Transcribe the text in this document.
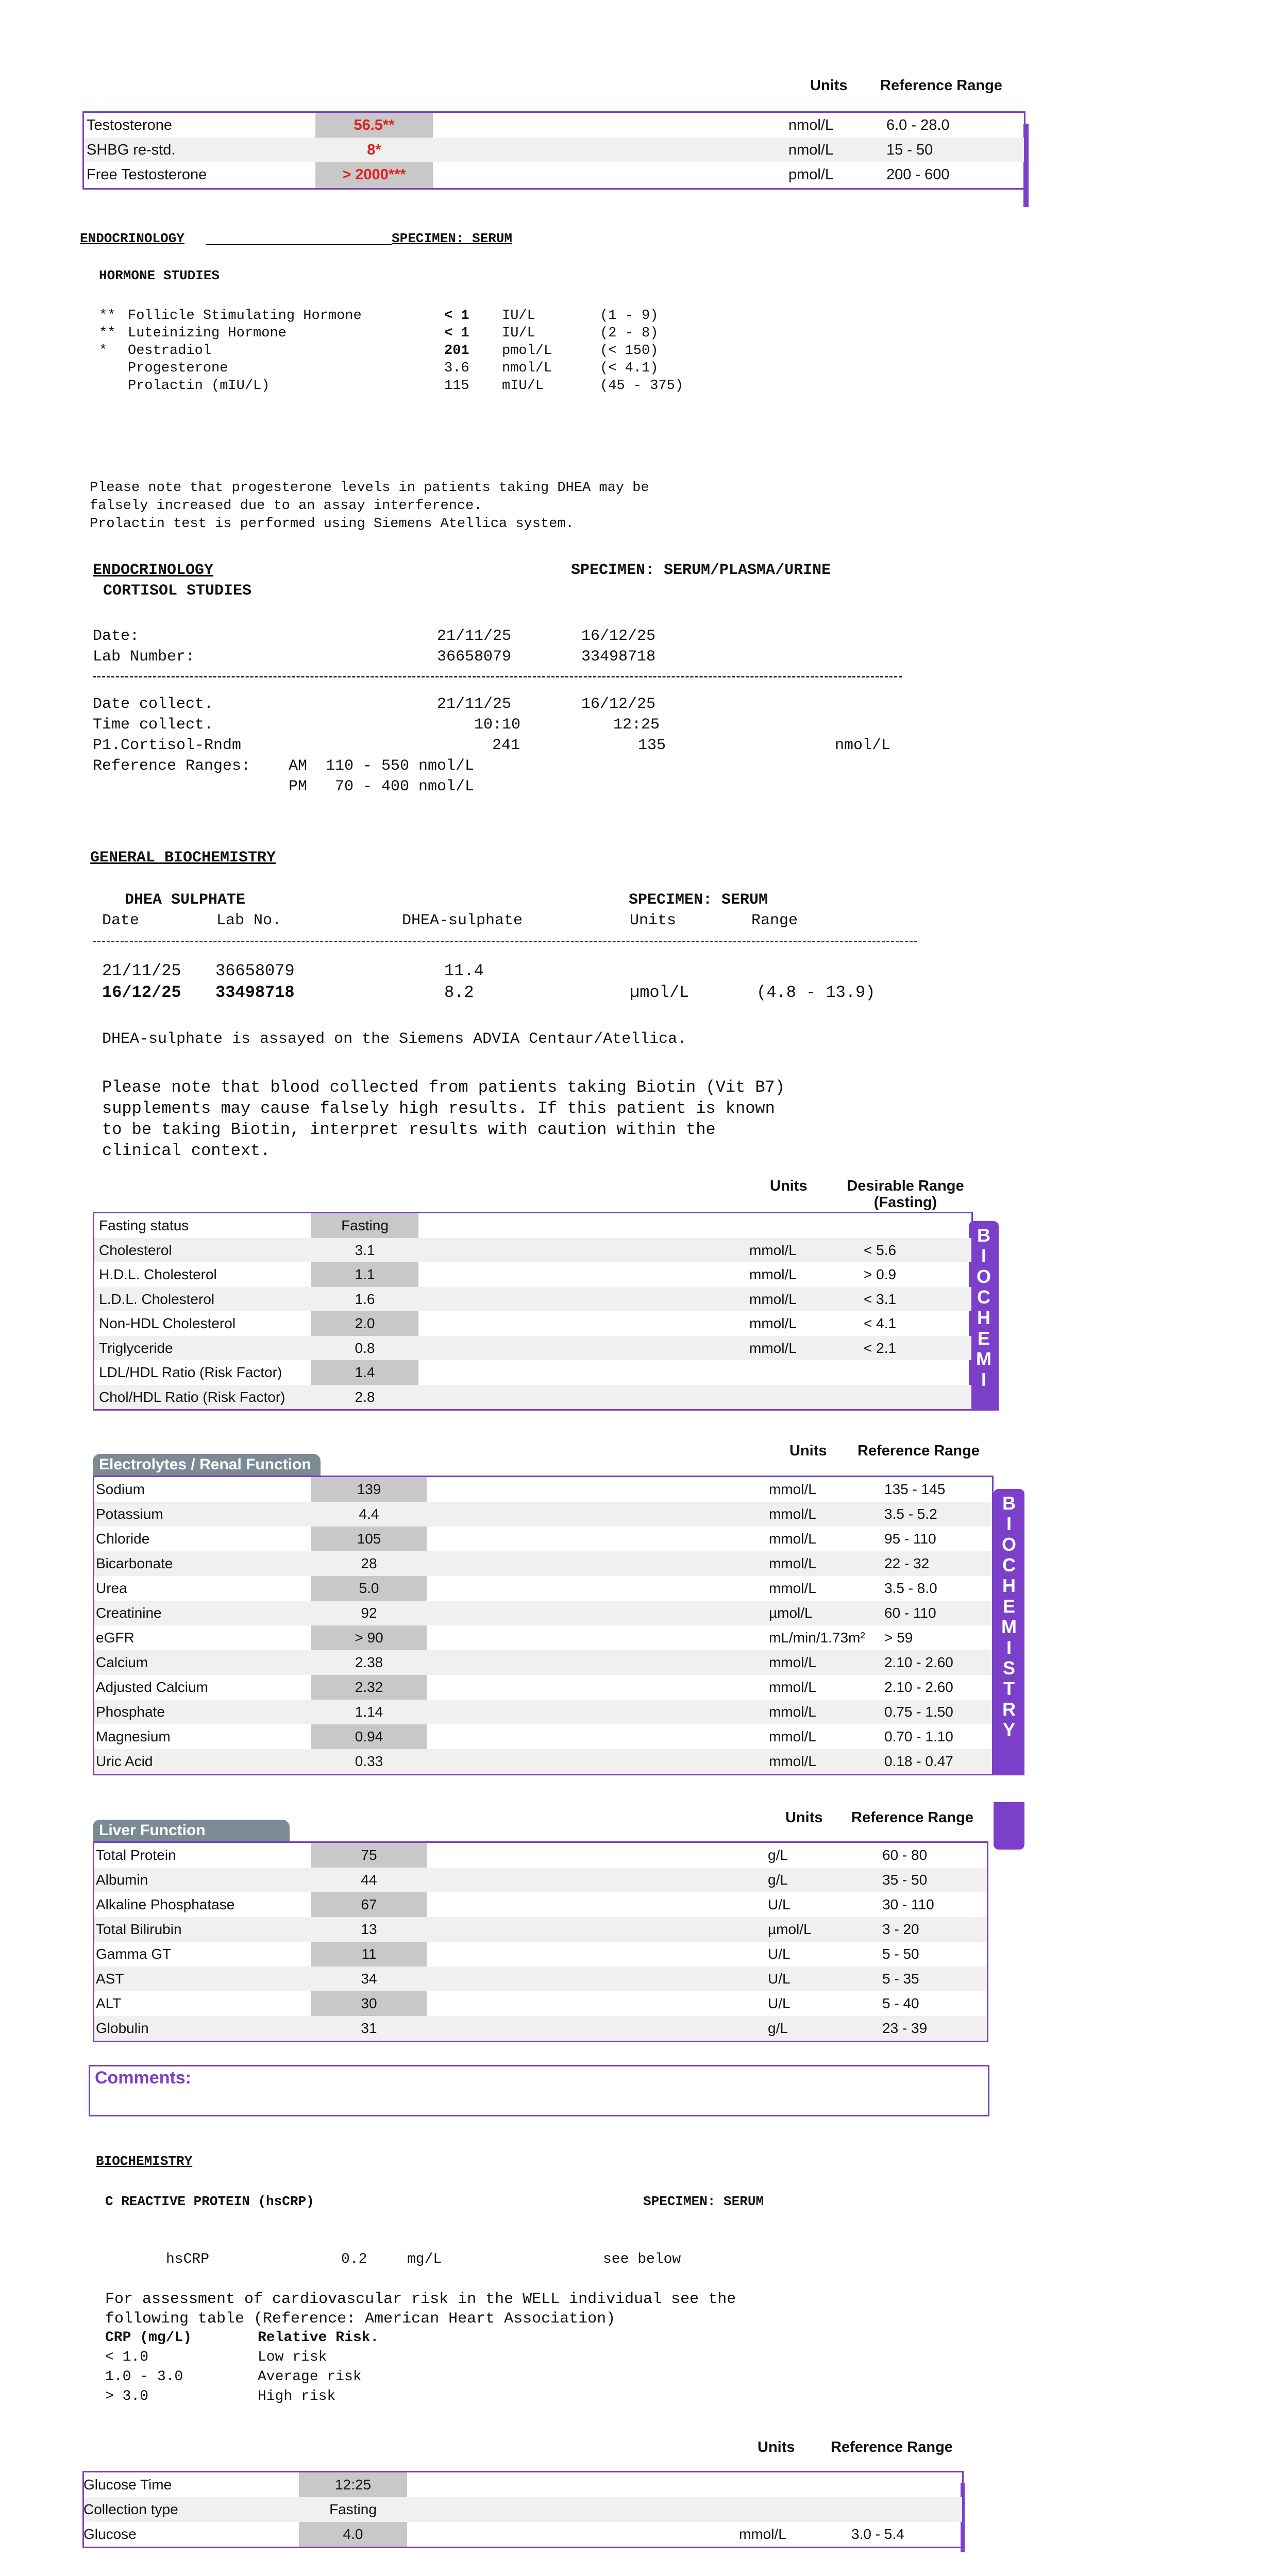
Units Reference Range
Testosterone	56.5**	nmol/L	6.0 - 28.0
SHBG re-std.	8*	nmol/L	15 - 50
Free Testosterone	> 2000***	pmol/L	200 - 600
ENDOCRINOLOGY	SPECIMEN: SERUM
HORMONE STUDIES
** Follicle Stimulating Hormone	< 1 IU/L	(1 - 9)
** Luteinizing Hormone	< 1 IU/L	(2 - 8)
* Oestradiol	201 pmol/L	(< 150)
Progesterone	3.6 nmol/L	(< 4.1)
Prolactin (mIU/L)	115 mIU/L	(45 - 375)
Please note that progesterone levels in patients taking DHEA may be
falsely increased due to an assay interference.
Prolactin test is performed using Siemens Atellica system.
ENDOCRINOLOGY	SPECIMEN: SERUM/PLASMA/URINE
CORTISOL STUDIES
Date:	21/11/25	16/12/25
Lab Number:	36658079	33498718
Date collect.	21/11/25	16/12/25
Time collect.	10:10	12:25
P1.Cortisol-Rndm	241	135	nmol/L
Reference Ranges: AM  110 - 550 nmol/L
PM   70 - 400 nmol/L
GENERAL BIOCHEMISTRY
DHEA SULPHATE	SPECIMEN: SERUM
Date	Lab No.	DHEA-sulphate	Units	Range
21/11/25 36658079	11.4
16/12/25 33498718	8.2	µmol/L	(4.8 - 13.9)
DHEA-sulphate is assayed on the Siemens ADVIA Centaur/Atellica.
Please note that blood collected from patients taking Biotin (Vit B7)
supplements may cause falsely high results. If this patient is known
to be taking Biotin, interpret results with caution within the
clinical context.
Units	Desirable Range
(Fasting)
B
I
O
C
H
E
M
I
Fasting status	Fasting
Cholesterol	3.1	mmol/L	< 5.6
H.D.L. Cholesterol	1.1	mmol/L	> 0.9
L.D.L. Cholesterol	1.6	mmol/L	< 3.1
Non-HDL Cholesterol	2.0	mmol/L	< 4.1
Triglyceride	0.8	mmol/L	< 2.1
LDL/HDL Ratio (Risk Factor)	1.4
Chol/HDL Ratio (Risk Factor)	2.8
Electrolytes / Renal Function
Units Reference Range
B
I
O
C
H
E
M
I
S
T
R
Y
Sodium	139	mmol/L	135 - 145
Potassium	4.4	mmol/L	3.5 - 5.2
Chloride	105	mmol/L	95 - 110
Bicarbonate	28	mmol/L	22 - 32
Urea	5.0	mmol/L	3.5 - 8.0
Creatinine	92	µmol/L	60 - 110
eGFR	> 90	mL/min/1.73m² > 59
Calcium	2.38	mmol/L	2.10 - 2.60
Adjusted Calcium	2.32	mmol/L	2.10 - 2.60
Phosphate	1.14	mmol/L	0.75 - 1.50
Magnesium	0.94	mmol/L	0.70 - 1.10
Uric Acid	0.33	mmol/L	0.18 - 0.47
Liver Function
Units Reference Range
Total Protein	75	g/L	60 - 80
Albumin	44	g/L	35 - 50
Alkaline Phosphatase	67	U/L	30 - 110
Total Bilirubin	13	µmol/L	3 - 20
Gamma GT	11	U/L	5 - 50
AST	34	U/L	5 - 35
ALT	30	U/L	5 - 40
Globulin	31	g/L	23 - 39
Comments:
BIOCHEMISTRY
C REACTIVE PROTEIN (hsCRP)	SPECIMEN: SERUM
hsCRP	0.2	mg/L	see below
For assessment of cardiovascular risk in the WELL individual see the
following table (Reference: American Heart Association)
CRP (mg/L)	Relative Risk.
< 1.0	Low risk
1.0 - 3.0	Average risk
> 3.0	High risk
Units Reference Range
Glucose Time	12:25
Collection type	Fasting
Glucose	4.0	mmol/L	3.0 - 5.4
